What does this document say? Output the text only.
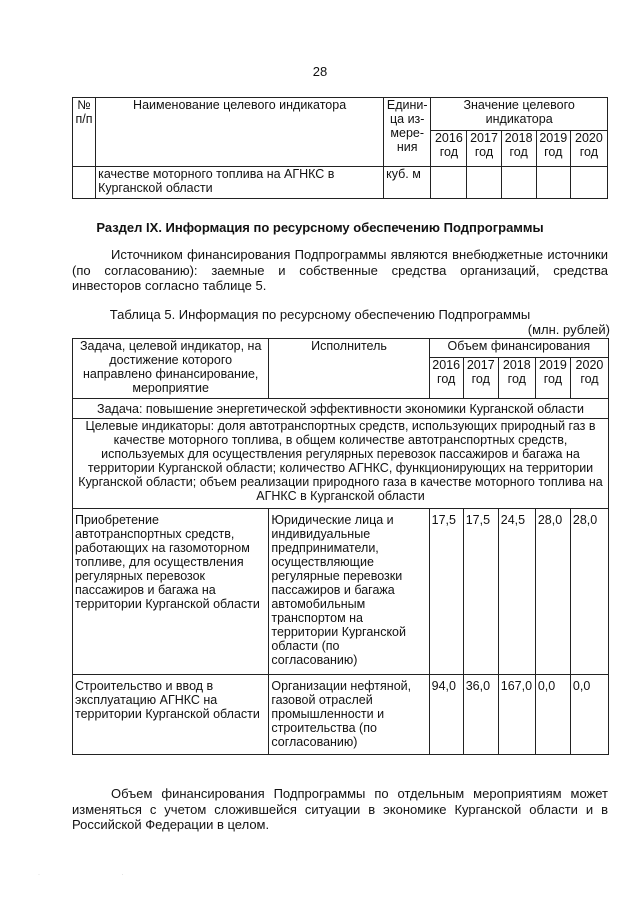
28
№ п/п	Наименование целевого индикатора	Едини-ца из-мере-ния	Значение целевого индикатора				
			2016 год	2017 год	2018 год	2019 год	2020 год
	качестве моторного топлива на АГНКС в Курганской области	куб. м					
Раздел IX. Информация по ресурсному обеспечению Подпрограммы
Источником финансирования Подпрограммы являются внебюджетные источники (по согласованию): заемные и собственные средства организаций, средства инвесторов согласно таблице 5.
Таблица 5. Информация по ресурсному обеспечению Подпрограммы
(млн. рублей)
Задача, целевой индикатор, на достижение которого направлено финансирование, мероприятие	Исполнитель	Объем финансирования				
		2016 год	2017 год	2018 год	2019 год	2020 год
Задача: повышение энергетической эффективности экономики Курганской области						
Целевые индикаторы: доля автотранспортных средств, использующих природный газ в качестве моторного топлива, в общем количестве автотранспортных средств, используемых для осуществления регулярных перевозок пассажиров и багажа на территории Курганской области; количество АГНКС, функционирующих на территории Курганской области; объем реализации природного газа в качестве моторного топлива на АГНКС в Курганской области						
Приобретение автотранспортных средств, работающих на газомоторном топливе, для осуществления регулярных перевозок пассажиров и багажа на территории Курганской области	Юридические лица и индивидуальные предприниматели, осуществляющие регулярные перевозки пассажиров и багажа автомобильным транспортом на территории Курганской области (по согласованию)	17,5	17,5	24,5	28,0	28,0
Строительство и ввод в эксплуатацию АГНКС на территории Курганской области	Организации нефтяной, газовой отраслей промышленности и строительства (по согласованию)	94,0	36,0	167,0	0,0	0,0
Объем финансирования Подпрограммы по отдельным мероприятиям может изменяться с учетом сложившейся ситуации в экономике Курганской области и в Российской Федерации в целом.
· ·
